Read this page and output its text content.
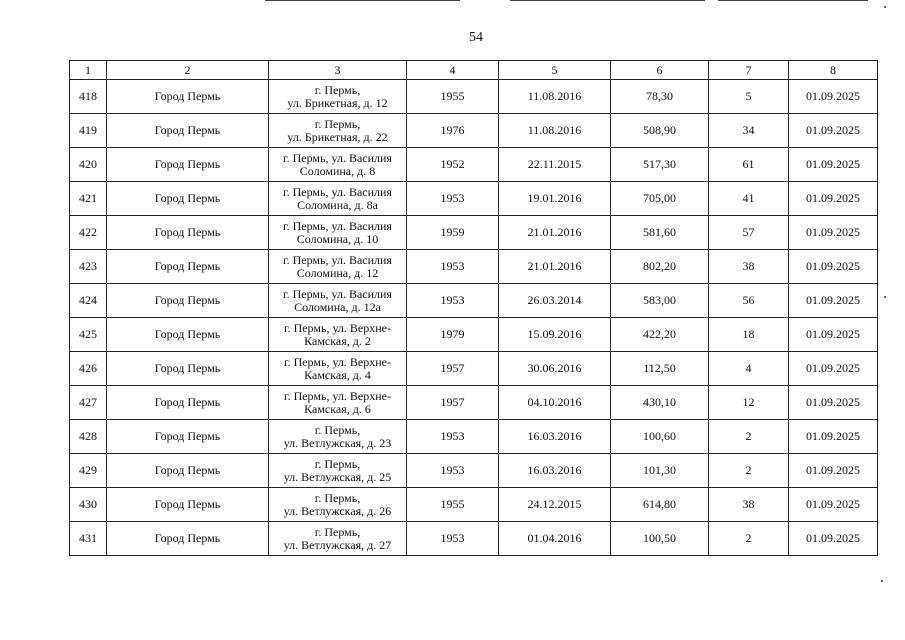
54
1	2	3	4	5	6	7	8
418	Город Пермь	г. Пермь,
ул. Брикетная, д. 12	1955	11.08.2016	78,30	5	01.09.2025
419	Город Пермь	г. Пермь,
ул. Брикетная, д. 22	1976	11.08.2016	508,90	34	01.09.2025
420	Город Пермь	г. Пермь, ул. Василия
Соломина, д. 8	1952	22.11.2015	517,30	61	01.09.2025
421	Город Пермь	г. Пермь, ул. Василия
Соломина, д. 8а	1953	19.01.2016	705,00	41	01.09.2025
422	Город Пермь	г. Пермь, ул. Василия
Соломина, д. 10	1959	21.01.2016	581,60	57	01.09.2025
423	Город Пермь	г. Пермь, ул. Василия
Соломина, д. 12	1953	21.01.2016	802,20	38	01.09.2025
424	Город Пермь	г. Пермь, ул. Василия
Соломина, д. 12а	1953	26.03.2014	583,00	56	01.09.2025
425	Город Пермь	г. Пермь, ул. Верхне-
Камская, д. 2	1979	15.09.2016	422,20	18	01.09.2025
426	Город Пермь	г. Пермь, ул. Верхне-
Камская, д. 4	1957	30.06.2016	112,50	4	01.09.2025
427	Город Пермь	г. Пермь, ул. Верхне-
Камская, д. 6	1957	04.10.2016	430,10	12	01.09.2025
428	Город Пермь	г. Пермь,
ул. Ветлужская, д. 23	1953	16.03.2016	100,60	2	01.09.2025
429	Город Пермь	г. Пермь,
ул. Ветлужская, д. 25	1953	16.03.2016	101,30	2	01.09.2025
430	Город Пермь	г. Пермь,
ул. Ветлужская, д. 26	1955	24.12.2015	614,80	38	01.09.2025
431	Город Пермь	г. Пермь,
ул. Ветлужская, д. 27	1953	01.04.2016	100,50	2	01.09.2025
